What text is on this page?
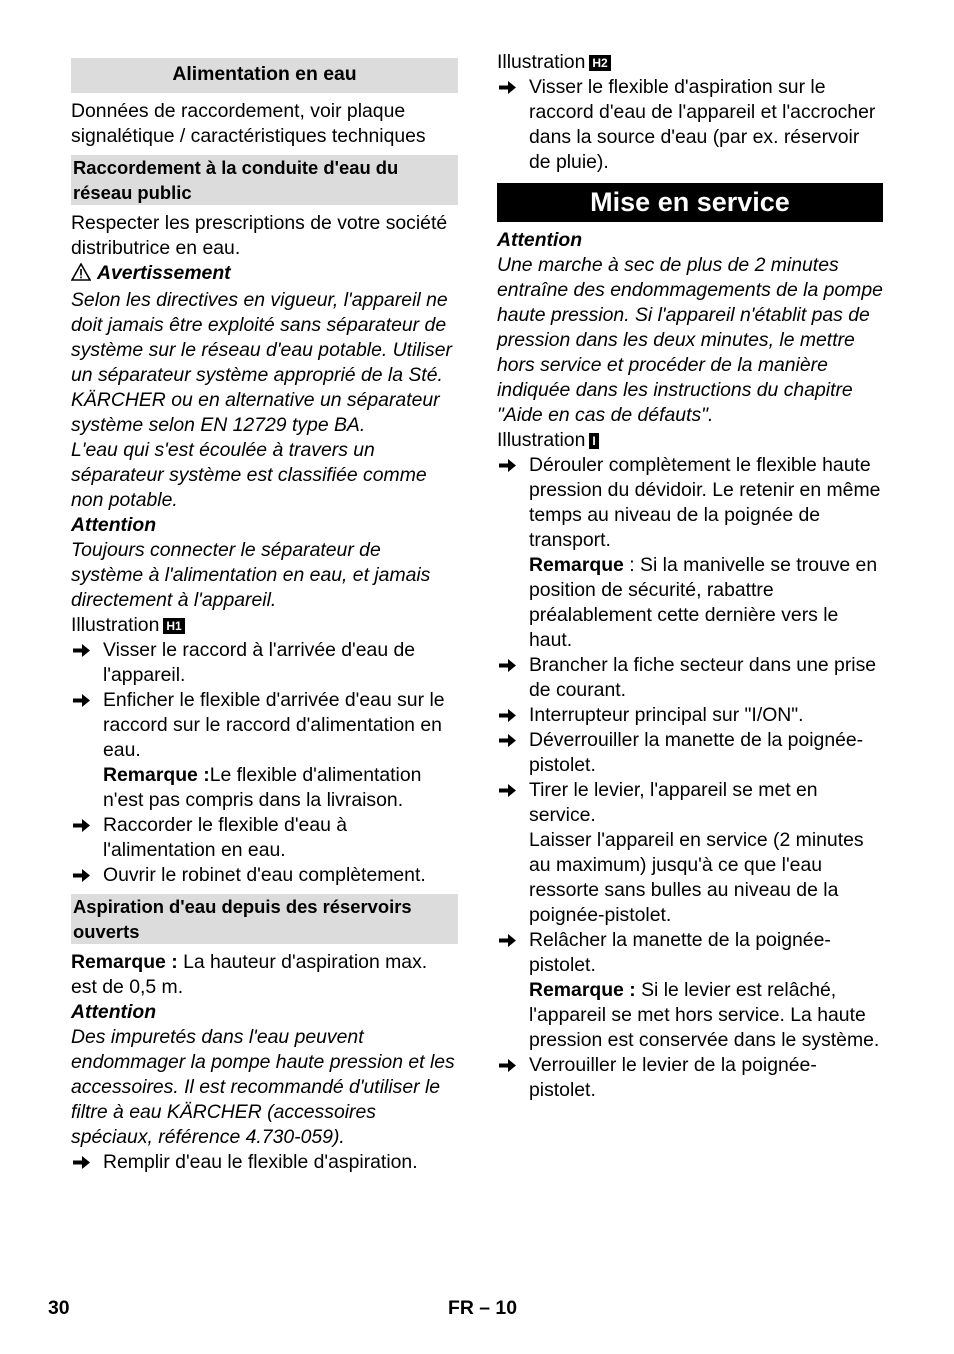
Alimentation en eau
Données de raccordement, voir plaque signalétique / caractéristiques techniques
Raccordement à la conduite d'eau du réseau public
Respecter les prescriptions de votre société distributrice en eau.
Avertissement
Selon les directives en vigueur, l'appareil ne doit jamais être exploité sans séparateur de système sur le réseau d'eau potable. Utiliser un séparateur système approprié de la Sté. KÄRCHER ou en alternative un séparateur système selon EN 12729 type BA.
L'eau qui s'est écoulée à travers un séparateur système est classifiée comme non potable.
Attention
Toujours connecter le séparateur de système à l'alimentation en eau, et jamais directement à l'appareil.
Illustration H1
Visser le raccord à l'arrivée d'eau de l'appareil.
Enficher le flexible d'arrivée d'eau sur le raccord sur le raccord d'alimentation en eau.
Remarque :Le flexible d'alimentation n'est pas compris dans la livraison.
Raccorder le flexible d'eau à l'alimentation en eau.
Ouvrir le robinet d'eau complètement.
Aspiration d'eau depuis des réservoirs ouverts
Remarque : La hauteur d'aspiration max. est de 0,5 m.
Attention
Des impuretés dans l'eau peuvent endommager la pompe haute pression et les accessoires. Il est recommandé d'utiliser le filtre à eau KÄRCHER (accessoires spéciaux, référence 4.730-059).
Remplir d'eau le flexible d'aspiration.
Illustration H2
Visser le flexible d'aspiration sur le raccord d'eau de l'appareil et l'accrocher dans la source d'eau (par ex. réservoir de pluie).
Mise en service
Attention
Une marche à sec de plus de 2 minutes entraîne des endommagements de la pompe haute pression. Si l'appareil n'établit pas de pression dans les deux minutes, le mettre hors service et procéder de la manière indiquée dans les instructions du chapitre "Aide en cas de défauts".
Illustration I
Dérouler complètement le flexible haute pression du dévidoir. Le retenir en même temps au niveau de la poignée de transport.
Remarque : Si la manivelle se trouve en position de sécurité, rabattre préalablement cette dernière vers le haut.
Brancher la fiche secteur dans une prise de courant.
Interrupteur principal sur "I/ON".
Déverrouiller la manette de la poignée-pistolet.
Tirer le levier, l'appareil se met en service.
Laisser l'appareil en service (2 minutes au maximum) jusqu'à ce que l'eau ressorte sans bulles au niveau de la poignée-pistolet.
Relâcher la manette de la poignée-pistolet.
Remarque : Si le levier est relâché, l'appareil se met hors service. La haute pression est conservée dans le système.
Verrouiller le levier de la poignée-pistolet.
30	FR – 10
